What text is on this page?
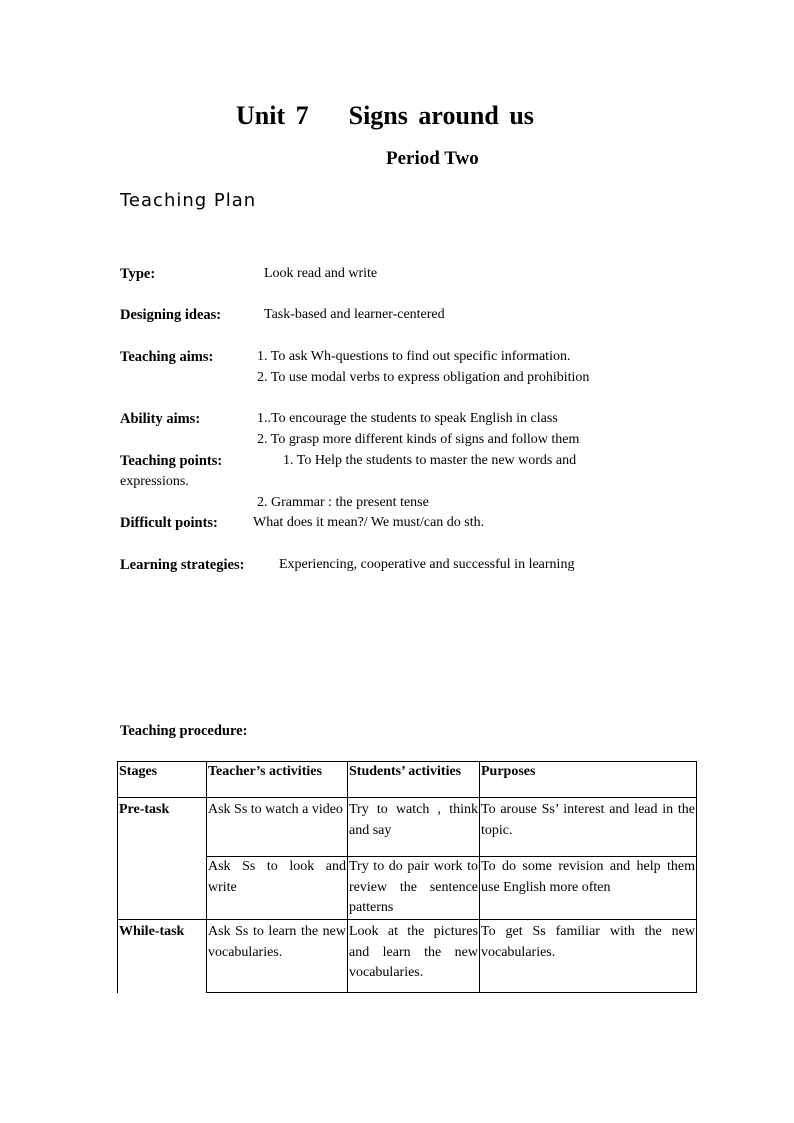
Unit 7 Signs around us
Period Two
Teaching Plan
Type:	Look read and write
Designing ideas:	Task-based and learner-centered
Teaching aims:	1. To ask Wh-questions to find out specific information.
2. To use modal verbs to express obligation and prohibition
Ability aims:	1..To encourage the students to speak English in class
2. To grasp more different kinds of signs and follow them
Teaching points:	1. To Help the students to master the new words and
expressions.
2. Grammar : the present tense
Difficult points:	What does it mean?/ We must/can do sth.
Learning strategies: Experiencing, cooperative and successful in learning
Teaching procedure:
Stages	Teacher’s activities	Students’ activities	Purposes
Pre-task	Ask Ss to watch a video	Try to watch , think and say	To arouse Ss’ interest and lead in the topic.
	Ask Ss to look and write	Try to do pair work to review the sentence patterns	To do some revision and help them use English more often
While-task	Ask Ss to learn the new vocabularies.	Look at the pictures and learn the new vocabularies.	To get Ss familiar with the new vocabularies.
